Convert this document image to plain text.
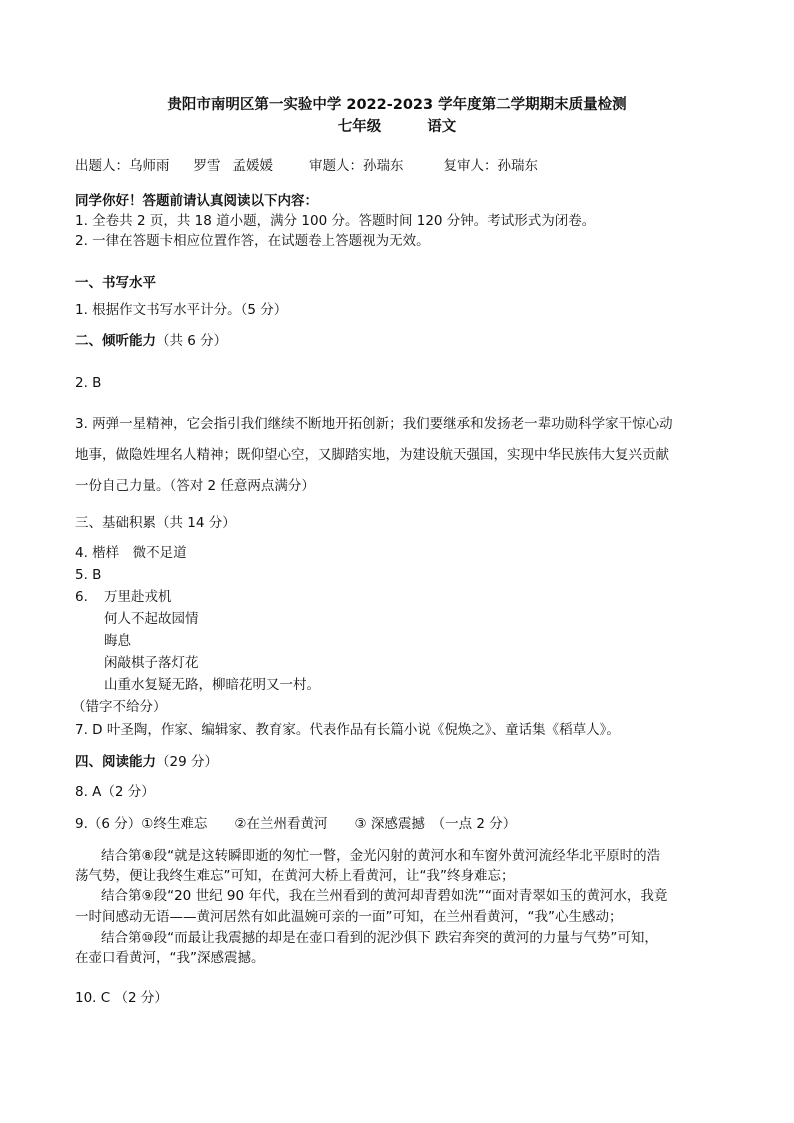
贵阳市南明区第一实验中学 2022-2023 学年度第二学期期末质量检测
七年级	语文
出题人：乌师雨 罗雪 孟媛媛	审题人：孙瑞东	复审人：孙瑞东
同学你好！答题前请认真阅读以下内容：
1. 全卷共 2 页，共 18 道小题，满分 100 分。答题时间 120 分钟。考试形式为闭卷。
2. 一律在答题卡相应位置作答，在试题卷上答题视为无效。
一、书写水平
1. 根据作文书写水平计分。（5 分）
二、倾听能力（共 6 分）
2. B
3. 两弹一星精神，它会指引我们继续不断地开拓创新；我们要继承和发扬老一辈功勋科学家干惊心动
地事，做隐姓埋名人精神；既仰望心空，又脚踏实地，为建设航天强国，实现中华民族伟大复兴贡献
一份自己力量。（答对 2 任意两点满分）
三、基础积累（共 14 分）
4. 楷样　微不足道
5. B
6. 万里赴戎机
何人不起故园情
晦息
闲敲棋子落灯花
山重水复疑无路，柳暗花明又一村。
（错字不给分）
7. D 叶圣陶，作家、编辑家、教育家。代表作品有长篇小说《倪焕之》、童话集《稻草人》。
四、阅读能力（29 分）
8. A（2 分）
9.（6 分）①终生难忘　　②在兰州看黄河　　③ 深感震撼　（一点 2 分）
结合第⑧段“就是这转瞬即逝的匆忙一瞥，金光闪射的黄河水和车窗外黄河流经华北平原时的浩
荡气势，便让我终生难忘”可知，在黄河大桥上看黄河，让“我”终身难忘；
结合第⑨段“20 世纪 90 年代，我在兰州看到的黄河却青碧如洗”“面对青翠如玉的黄河水，我竟
一时间感动无语——黄河居然有如此温婉可亲的一面”可知，在兰州看黄河，“我”心生感动；
结合第⑩段“而最让我震撼的却是在壶口看到的泥沙俱下 跌宕奔突的黄河的力量与气势”可知，
在壶口看黄河，“我”深感震撼。
10. C （2 分）
